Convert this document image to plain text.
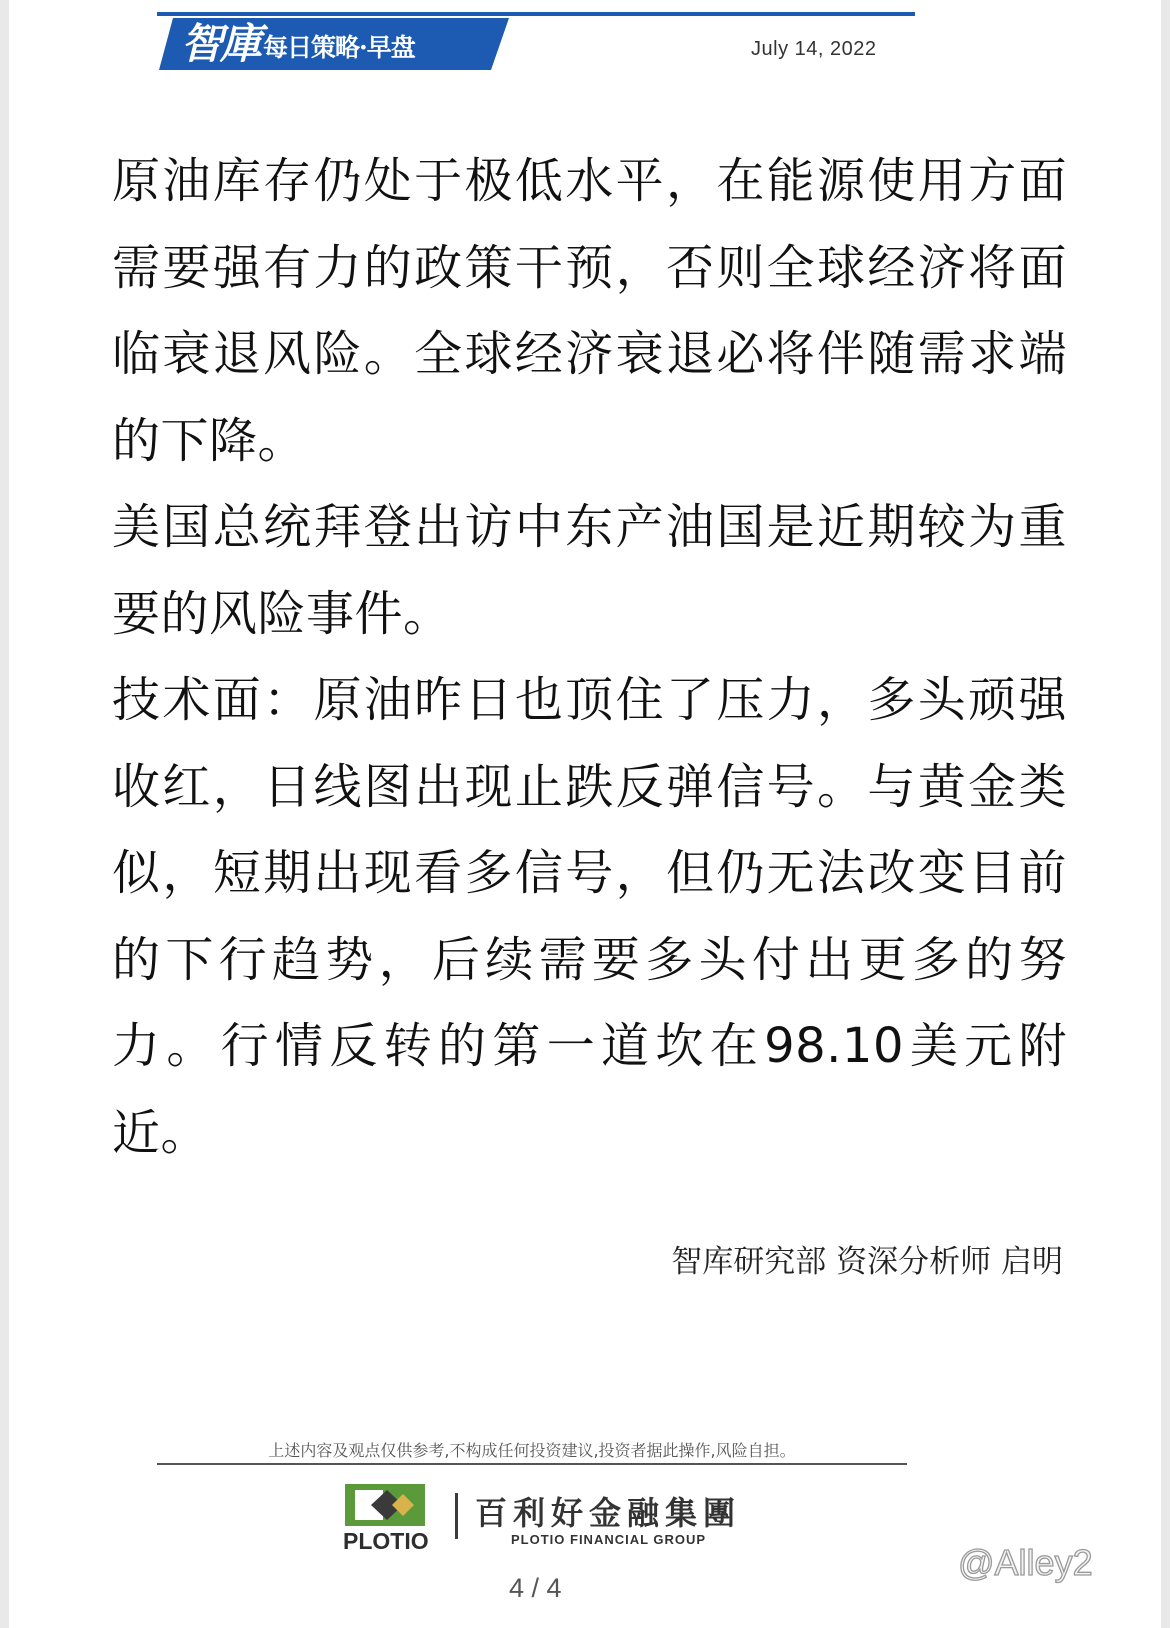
智庫 每日策略·早盘	July 14, 2022

原油库存仍处于极低水平，在能源使用方面需要强有力的政策干预，否则全球经济将面临衰退风险。全球经济衰退必将伴随需求端的下降。

美国总统拜登出访中东产油国是近期较为重要的风险事件。

技术面：原油昨日也顶住了压力，多头顽强收红，日线图出现止跌反弹信号。与黄金类似，短期出现看多信号，但仍无法改变目前的下行趋势，后续需要多头付出更多的努力。行情反转的第一道坎在98.10美元附近。

智库研究部 资深分析师 启明
上述内容及观点仅供参考,不构成任何投资建议,投资者据此操作,风险自担。
PLOTIO
百利好金融集團
PLOTIO FINANCIAL GROUP
4 / 4
@Alley2
